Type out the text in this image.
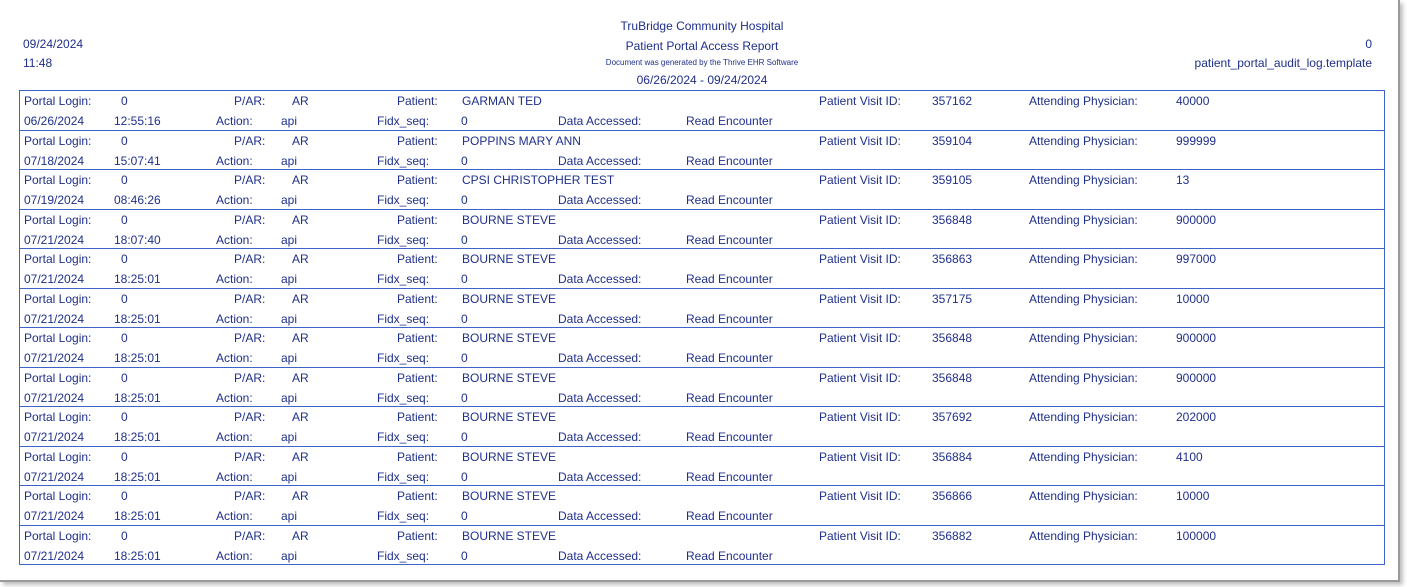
TruBridge Community Hospital
Patient Portal Access Report
Document was generated by the Thrive EHR Software
06/26/2024 - 09/24/2024
09/24/2024
11:48
0
patient_portal_audit_log.template
Portal Login: 0	P/AR: AR	Patient: GARMAN TED	Patient Visit ID:	357162	Attending Physician:	40000
06/26/2024 12:55:16	Action: api	Fidx_seq:	0	Data Accessed:	Read Encounter
Portal Login: 0	P/AR: AR	Patient: POPPINS MARY ANN	Patient Visit ID:	359104	Attending Physician:	999999
07/18/2024 15:07:41	Action: api	Fidx_seq:	0	Data Accessed:	Read Encounter
Portal Login: 0	P/AR: AR	Patient: CPSI CHRISTOPHER TEST	Patient Visit ID:	359105	Attending Physician:	13
07/19/2024 08:46:26	Action: api	Fidx_seq:	0	Data Accessed:	Read Encounter
Portal Login: 0	P/AR: AR	Patient: BOURNE STEVE	Patient Visit ID:	356848	Attending Physician:	900000
07/21/2024 18:07:40	Action: api	Fidx_seq:	0	Data Accessed:	Read Encounter
Portal Login: 0	P/AR: AR	Patient: BOURNE STEVE	Patient Visit ID:	356863	Attending Physician:	997000
07/21/2024 18:25:01	Action: api	Fidx_seq:	0	Data Accessed:	Read Encounter
Portal Login: 0	P/AR: AR	Patient: BOURNE STEVE	Patient Visit ID:	357175	Attending Physician:	10000
07/21/2024 18:25:01	Action: api	Fidx_seq:	0	Data Accessed:	Read Encounter
Portal Login: 0	P/AR: AR	Patient: BOURNE STEVE	Patient Visit ID:	356848	Attending Physician:	900000
07/21/2024 18:25:01	Action: api	Fidx_seq:	0	Data Accessed:	Read Encounter
Portal Login: 0	P/AR: AR	Patient: BOURNE STEVE	Patient Visit ID:	356848	Attending Physician:	900000
07/21/2024 18:25:01	Action: api	Fidx_seq:	0	Data Accessed:	Read Encounter
Portal Login: 0	P/AR: AR	Patient: BOURNE STEVE	Patient Visit ID:	357692	Attending Physician:	202000
07/21/2024 18:25:01	Action: api	Fidx_seq:	0	Data Accessed:	Read Encounter
Portal Login: 0	P/AR: AR	Patient: BOURNE STEVE	Patient Visit ID:	356884	Attending Physician:	4100
07/21/2024 18:25:01	Action: api	Fidx_seq:	0	Data Accessed:	Read Encounter
Portal Login: 0	P/AR: AR	Patient: BOURNE STEVE	Patient Visit ID:	356866	Attending Physician:	10000
07/21/2024 18:25:01	Action: api	Fidx_seq:	0	Data Accessed:	Read Encounter
Portal Login: 0	P/AR: AR	Patient: BOURNE STEVE	Patient Visit ID:	356882	Attending Physician:	100000
07/21/2024 18:25:01	Action: api	Fidx_seq:	0	Data Accessed:	Read Encounter
